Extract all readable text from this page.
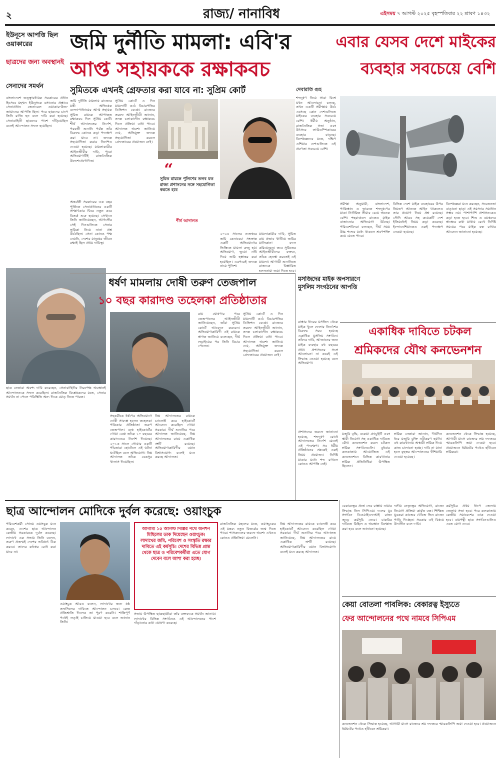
২	রাজ্য/ নানাবিধ	এইসময় ৭ আগস্ট ২০২৫ বৃহস্পতিবার ২২ শ্রাবণ ১৪৩২
ইউনূসে আপত্তি ছিল ওয়াকারের
ছাত্রদের জন্য অবস্থানই
সেনাদের সমর্থন
বাংলাদেশে তত্ত্বাবধায়ক সরকারের প্রধান হিসেবে মহম্মদ ইউনূসকে বসানোর প্রস্তাবে সেনাপ্রধান জেনারেল ওয়াকার-উজ-জামানের আপত্তি ছিল। পরে ছাত্রদের চাপে তিনি রাজি হন বলে দাবি করা হয়েছে। সেনাবাহিনী ছাত্রদের পাশে দাঁড়িয়েছিল বলেই আন্দোলন সফল হয়েছিল।
অন্তর্বর্তী সরকারের এক বছর পূর্তিতে সেনাপ্রধানের একটি সাক্ষাৎকার ঘিরে নতুন করে বিতর্ক শুরু হয়েছে। সেখানে তিনি জানিয়েছেন, আগস্টের সেই দিনগুলিতে সেনার ভূমিকা নিয়ে নানা প্রশ্ন উঠেছিল। সেনা কোনও পক্ষ নেয়নি, দেশের মানুষের জীবন রক্ষাই ছিল প্রথম দায়িত্ব।
ছাত্র নেতারা অবশ্য দাবি করেছেন, সেনাবাহিনীর নিরপেক্ষ অবস্থানই আন্দোলনকে সফল করেছিল। রাজনৈতিক বিশ্লেষকদের মতে, সেনার সমর্থন না পেলে পরিস্থিতি অন্য দিকে মোড় নিতে পারত।
জমি দুর্নীতি মামলা: এবি'র
আপ্ত সহায়ককে রক্ষাকবচ
সুমিতকে এখনই গ্রেফতার করা যাবে না: সুপ্রিম কোর্ট
জমি দুর্নীতি মামলায় রাজ্যের মন্ত্রী অভিষেক বন্দ্যোপাধ্যায়ের আপ্ত সহায়ক সুমিত রায়কে আপাতত রক্ষাকবচ দিল সুপ্রিম কোর্ট। শীর্ষ আদালতের নির্দেশ, পরবর্তী শুনানি পর্যন্ত তাঁর বিরুদ্ধে কোনও কড়া পদক্ষেপ করা যাবে না। তদন্তে সহযোগিতা করার নির্দেশও দেওয়া হয়েছে। মামলাকারীর আইনজীবীর দাবি, পুরো অভিযোগটিই রাজনৈতিক উদ্দেশ্যপ্রণোদিত।
সুপ্রিম কোর্টে এ দিন মামলাটি ওঠে বিচারপতির ডিভিশন বেঞ্চে। রাজ্যের তরফে আইনজীবী জানান, তদন্ত চলাকালীন রক্ষাকবচ দিলে প্রক্রিয়া বাধা পাবে। আদালত অবশ্য জানিয়ে দেয়, অভিযুক্ত তদন্তে সহযোগিতা করলে গ্রেফতারের প্রয়োজন নেই।
“
সুমিত রায়কে পুলিশের তলব মত রাজ্য প্রশাসনের সঙ্গে সহযোগিতা করতে হবে
শীর্ষ আদালত
২০২৪ সালের নভেম্বরে জমি কেনাবেচা সংক্রান্ত একটি অভিযোগের ভিত্তিতে মামলা রুজু হয়। অভিযোগ, ভুয়ো নথি দিয়ে জমি হস্তান্তর করা হয়েছিল। এরপরেই তদন্তে নামে পুলিশ।
মামলাকারীর দাবি, সুমিত রায় প্রভাব খাটিয়ে জমির মালিকানা বদল করিয়েছেন। তবে সুমিতের আইনজীবীদের বক্তব্য, তাঁকে হেনস্থা করতেই এই মামলা। আগামী শুনানিতে রাজ্যকে বিস্তারিত হলফনামা জমা দিতে হবে।
এবার যেসব দেশে মাইকের
ব্যবহার সবচেয়ে বেশি
দেবারতি গুহ
শব্দদূষণ নিয়ে সারা বিশ্বে যখন আলোচনা চলছে, তখন একটি সমীক্ষায় উঠে এসেছে কোন দেশগুলিতে মাইকের ব্যবহার সবচেয়ে বেশি। ধর্মীয় অনুষ্ঠান, রাজনৈতিক সভা এবং উৎসবে লাউডস্পিকারের ব্যবহার বাড়ছে। বিশেষজ্ঞদের মতে, দক্ষিণ এশিয়ার দেশগুলিতে এই প্রবণতা সবচেয়ে বেশি।
সমীক্ষা অনুযায়ী, বাংলাদেশ, পাকিস্তান ও ভারতে শব্দদূষণের মাত্রা নির্ধারিত সীমার চেয়ে অনেক বেশি। শহরাঞ্চলে রাতেও মাইক বাজানোর অভিযোগ উঠছে। পরিবেশবিদরা বলছেন, দীর্ঘ সময় উচ্চ শব্দের মধ্যে থাকলে শ্রবণশক্তি কমে যেতে পারে।
বিভিন্ন দেশে মাইক ব্যবহারের উপর নিয়ন্ত্রণ আনতে আইন থাকলেও তার প্রয়োগ নিয়ে প্রশ্ন রয়েছে। সৌদি আরব সহ কয়েকটি দেশ ইতিমধ্যেই নিয়ম কড়া করেছে। ইন্দোনেশিয়াতেও একই পদক্ষেপ নেওয়া হয়েছে।
বিশেষজ্ঞরা মনে করছেন, সচেতনতা বাড়ানো ছাড়া এই সমস্যার সমাধান সম্ভব নয়। পাশাপাশি প্রশাসনকেও কড়া হতে হবে। শিশু ও বয়স্কদের স্বাস্থ্যের কথা মাথায় রেখে নির্দিষ্ট সময়ের পরে মাইক বন্ধ রাখার আবেদন জানানো হয়েছে।
ধর্ষণ মামলায় দোষী তরুণ তেজপাল
১০ বছর কারাদণ্ড তহেলকা প্রতিষ্ঠাতার
সহকর্মীকে ধর্ষণের অভিযোগে দোষী সাব্যস্ত হলেন তহেলকা পত্রিকার প্রতিষ্ঠাতা তরুণ তেজপাল। বম্বে হাইকোর্টের গোয়া বেঞ্চ তাঁকে ১০ বছরের কারাদণ্ডের নির্দেশ দিয়েছে। ২০১৩ সালে গোয়ার একটি পাঁচতারা হোটেলে এই ঘটনা ঘটেছিল বলে অভিযোগ। নিম্ন আদালত তাঁকে বেকসুর খালাস দিয়েছিল।
নিম্ন আদালতের রায়কে চ্যালেঞ্জ করে হাইকোর্টে আবেদন করেছিল গোয়া সরকার। দীর্ঘ শুনানির পরে আদালত জানিয়েছে, নিম্ন আদালতের রায়ে একাধিক ত্রুটি রয়েছে। অভিযোগকারিণীর বয়ান বিশ্বাসযোগ্য বলেই মনে করছে আদালত।
রায় ঘোষণার পরে তেজপালের আইনজীবী জানিয়েছেন, তাঁরা সুপ্রিম কোর্টে আবেদন করবেন। অভিযোগকারিণী এই রায়কে স্বাগত জানিয়ে বলেছেন, দীর্ঘ লড়াইয়ের পর তিনি বিচার পেলেন।
সুপ্রিম কোর্টে এ দিন মামলাটি ওঠে বিচারপতির ডিভিশন বেঞ্চে। রাজ্যের তরফে আইনজীবী জানান, তদন্ত চলাকালীন রক্ষাকবচ দিলে প্রক্রিয়া বাধা পাবে। আদালত অবশ্য জানিয়ে দেয়, অভিযুক্ত তদন্তে সহযোগিতা করলে গ্রেফতারের প্রয়োজন নেই।
মসজিদের মাইক অপসারণে মুসলিম সংগঠনের আপত্তি
রাস্তার ধারের মসজিদ থেকে মাইক খুলে ফেলার নির্দেশের বিরুদ্ধে সরব হয়েছে একাধিক মুসলিম সংগঠন। তাঁদের দাবি, আজানের জন্য মাইক ব্যবহার বহু বছরের প্রথা। প্রশাসনের সঙ্গে আলোচনা না করেই এই সিদ্ধান্ত নেওয়া হয়েছে বলে অভিযোগ।
প্রশাসনের তরফে জানানো হয়েছে, শব্দদূষণ রোধে আদালতের নির্দেশ মেনেই এই পদক্ষেপ। সব ধর্মীয় প্রতিষ্ঠানের ক্ষেত্রেই একই নিয়ম প্রযোজ্য। নির্দিষ্ট মাত্রার মধ্যে শব্দ রাখলে কোনও আপত্তি নেই।
একাধিক দাবিতে চটকল
শ্রমিকদের যৌথ কনভেনশন
মজুরি বৃদ্ধি, বকেয়া গ্র্যাচুইটি এবং স্থায়ী নিয়োগ সহ একাধিক দাবিতে যৌথ কনভেনশন করল চটকল শ্রমিক সংগঠনগুলি। বুধবার কলকাতায় আয়োজিত এই কনভেনশনে বিভিন্ন কারখানার শ্রমিক প্রতিনিধিরা উপস্থিত ছিলেন।
শ্রমিক নেতারা জানান, দীর্ঘদিন ধরে মজুরি চুক্তি নবীকরণ হয়নি। বহু কারখানায় অস্থায়ী শ্রমিক দিয়ে কাজ চালানো হচ্ছে। দাবি না মানা হলে বৃহত্তর আন্দোলনের হুঁশিয়ারি দেওয়া হয়েছে।
কনভেনশন থেকে সিদ্ধান্ত হয়েছে, আগামী মাসে রাজ্যের শ্রম দফতরে স্মারকলিপি জমা দেওয়া হবে। প্রয়োজনে ধর্মঘটের পথেও হাঁটবেন শ্রমিকরা।
ছাত্র আন্দোলন মোদিকে দুর্বল করেছে: ওয়াংচুক
পরিবেশকর্মী সোনম ওয়াংচুক মনে করেন, দেশের ছাত্র আন্দোলন কেন্দ্রীয় সরকারকে দুর্বল করেছে। লাদাখে এক সভায় তিনি বলেন, তরুণ প্রজন্মই দেশের ভবিষ্যৎ ঠিক করবে। তাদের কণ্ঠস্বর রোধ করা যাবে না।
ওয়াংচুক আরও বলেন, লাদাখের জন্য ষষ্ঠ তফসিলের দাবিতে আন্দোলন চলবে। কেন্দ্র প্রতিশ্রুতি দিলেও তা পূরণ করেনি। শান্তিপূর্ণ পথেই লড়াই চালিয়ে যাওয়া হবে বলে জানান তিনি।
আগামী ১৫ আগস্ট দিল্লির পথে অনশন মিছিলের ডাক দিয়েছেন ওয়াংচুক। লাদাখের জমি, পরিবেশ ও সংস্কৃতি রক্ষার দাবিতে এই কর্মসূচি। দেশের বিভিন্ন প্রান্ত থেকে ছাত্র ও পরিবেশকর্মীরা এতে যোগ দেবেন বলে আশা করা হচ্ছে।
সভায় উপস্থিত ছাত্রছাত্রীরা তাঁর বক্তব্যকে সমর্থন জানায়। লাদাখের বিভিন্ন সংগঠনও এই আন্দোলনের পাশে দাঁড়ানোর কথা ঘোষণা করেছে।
রাজনৈতিক মহলের মতে, ওয়াংচুকের এই মন্তব্য নতুন বিতর্কের জন্ম দিতে পারে। শাসকদলের তরফে অবশ্য এখনও কোনও প্রতিক্রিয়া মেলেনি।
নিম্ন আদালতের রায়কে চ্যালেঞ্জ করে হাইকোর্টে আবেদন করেছিল গোয়া সরকার। দীর্ঘ শুনানির পরে আদালত জানিয়েছে, নিম্ন আদালতের রায়ে একাধিক ত্রুটি রয়েছে। অভিযোগকারিণীর বয়ান বিশ্বাসযোগ্য বলেই মনে করছে আদালত।
বেকারত্বের প্রশ্নে ফের রাস্তায় নামার সিদ্ধান্ত নিল সিপিএম। দলের যুব সংগঠন ডিওয়াইএফআই রাজ্য জুড়ে কর্মসূচি নেবে। চাকরির দাবিতে মিছিল ও অবস্থান বিক্ষোভ করা হবে বলে জানানো হয়েছে।
দলীয় নেতৃত্বের অভিযোগ, রাজ্যে নিয়োগ প্রক্রিয়া কার্যত বন্ধ। শিক্ষিত যুবকরা কাজের খোঁজে ভিন রাজ্যে পাড়ি দিচ্ছেন। সরকার এই বিষয়ে উদাসীন বলে দাবি।
কর্মসূচির প্রথম ধাপে জেলায় জেলায় সভা হবে। পরে কলকাতায় কেন্দ্রীয় সমাবেশের ডাক দেওয়া হবে। বামপন্থী ছাত্র সংগঠনগুলিও এতে যোগ দেবে।
কেয়া বোতলা পাবলিক: বেকারত্ব ইস্যুতে
ফের আন্দোলনের পথে নামবে সিপিএম
কনভেনশন থেকে সিদ্ধান্ত হয়েছে, আগামী মাসে রাজ্যের শ্রম দফতরে স্মারকলিপি জমা দেওয়া হবে। প্রয়োজনে ধর্মঘটের পথেও হাঁটবেন শ্রমিকরা।
